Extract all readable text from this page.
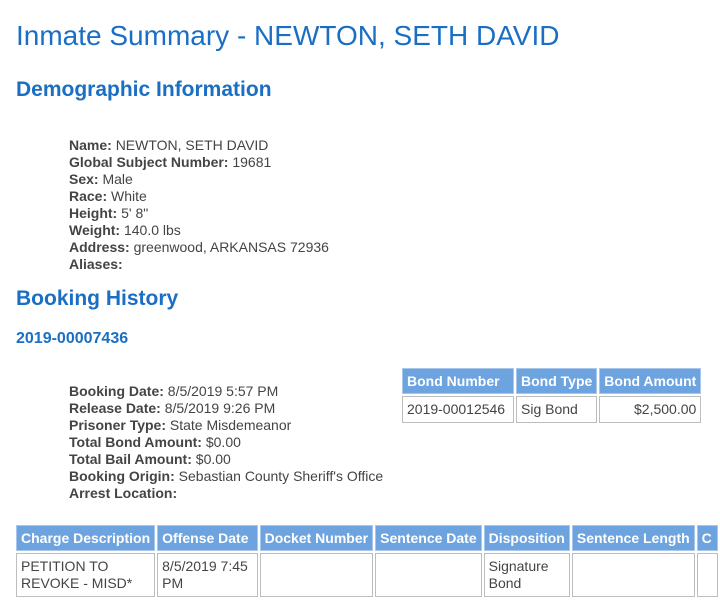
Inmate Summary - NEWTON, SETH DAVID
Demographic Information
Name: NEWTON, SETH DAVID
Global Subject Number: 19681
Sex: Male
Race: White
Height: 5' 8"
Weight: 140.0 lbs
Address: greenwood, ARKANSAS 72936
Aliases:
Booking History
2019-00007436
Booking Date: 8/5/2019 5:57 PM
Release Date: 8/5/2019 9:26 PM
Prisoner Type: State Misdemeanor
Total Bond Amount: $0.00
Total Bail Amount: $0.00
Booking Origin: Sebastian County Sheriff's Office
Arrest Location:
Bond Number	Bond Type	Bond Amount
2019-00012546	Sig Bond	$2,500.00
Charge Description	Offense Date	Docket Number	Sentence Date	Disposition	Sentence Length	C
PETITION TO REVOKE - MISD*	8/5/2019 7:45 PM			Signature Bond		
